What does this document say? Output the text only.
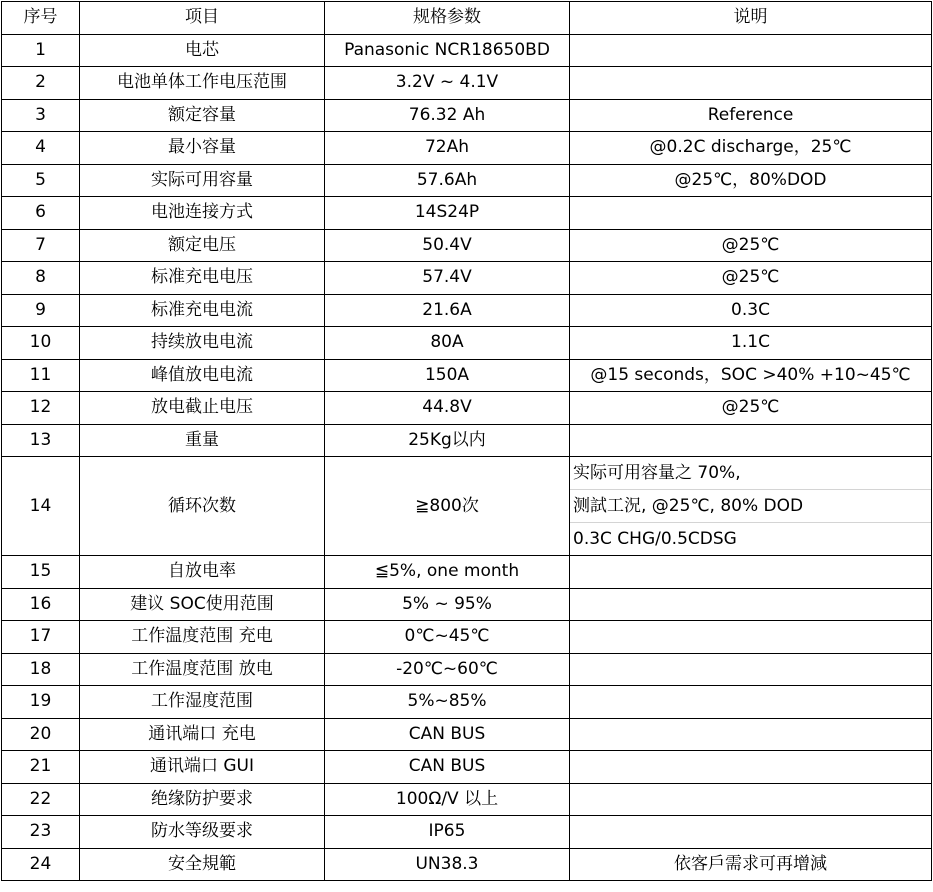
序号	项目	规格参数	说明
1	电芯	Panasonic NCR18650BD	
2	电池单体工作电压范围	3.2V ~ 4.1V	
3	额定容量	76.32 Ah	Reference
4	最小容量	72Ah	@0.2C discharge，25℃
5	实际可用容量	57.6Ah	@25℃，80%DOD
6	电池连接方式	14S24P	
7	额定电压	50.4V	@25℃
8	标准充电电压	57.4V	@25℃
9	标准充电电流	21.6A	0.3C
10	持续放电电流	80A	1.1C
11	峰值放电电流	150A	@15 seconds，SOC >40% +10~45℃
12	放电截止电压	44.8V	@25℃
13	重量	25Kg以内	
14	循环次数	≧800次	实际可用容量之 70%,
测試工況, @25℃, 80% DOD
0.3C CHG/0.5CDSG

15	自放电率	≦5%, one month	
16	建议 SOC使用范围	5% ~ 95%	
17	工作温度范围 充电	0℃~45℃	
18	工作温度范围 放电	-20℃~60℃	
19	工作湿度范围	5%~85%	
20	通讯端口 充电	CAN BUS	
21	通讯端口 GUI	CAN BUS	
22	绝缘防护要求	100Ω/V 以上	
23	防水等级要求	IP65	
24	安全規範	UN38.3	依客戶需求可再增減
